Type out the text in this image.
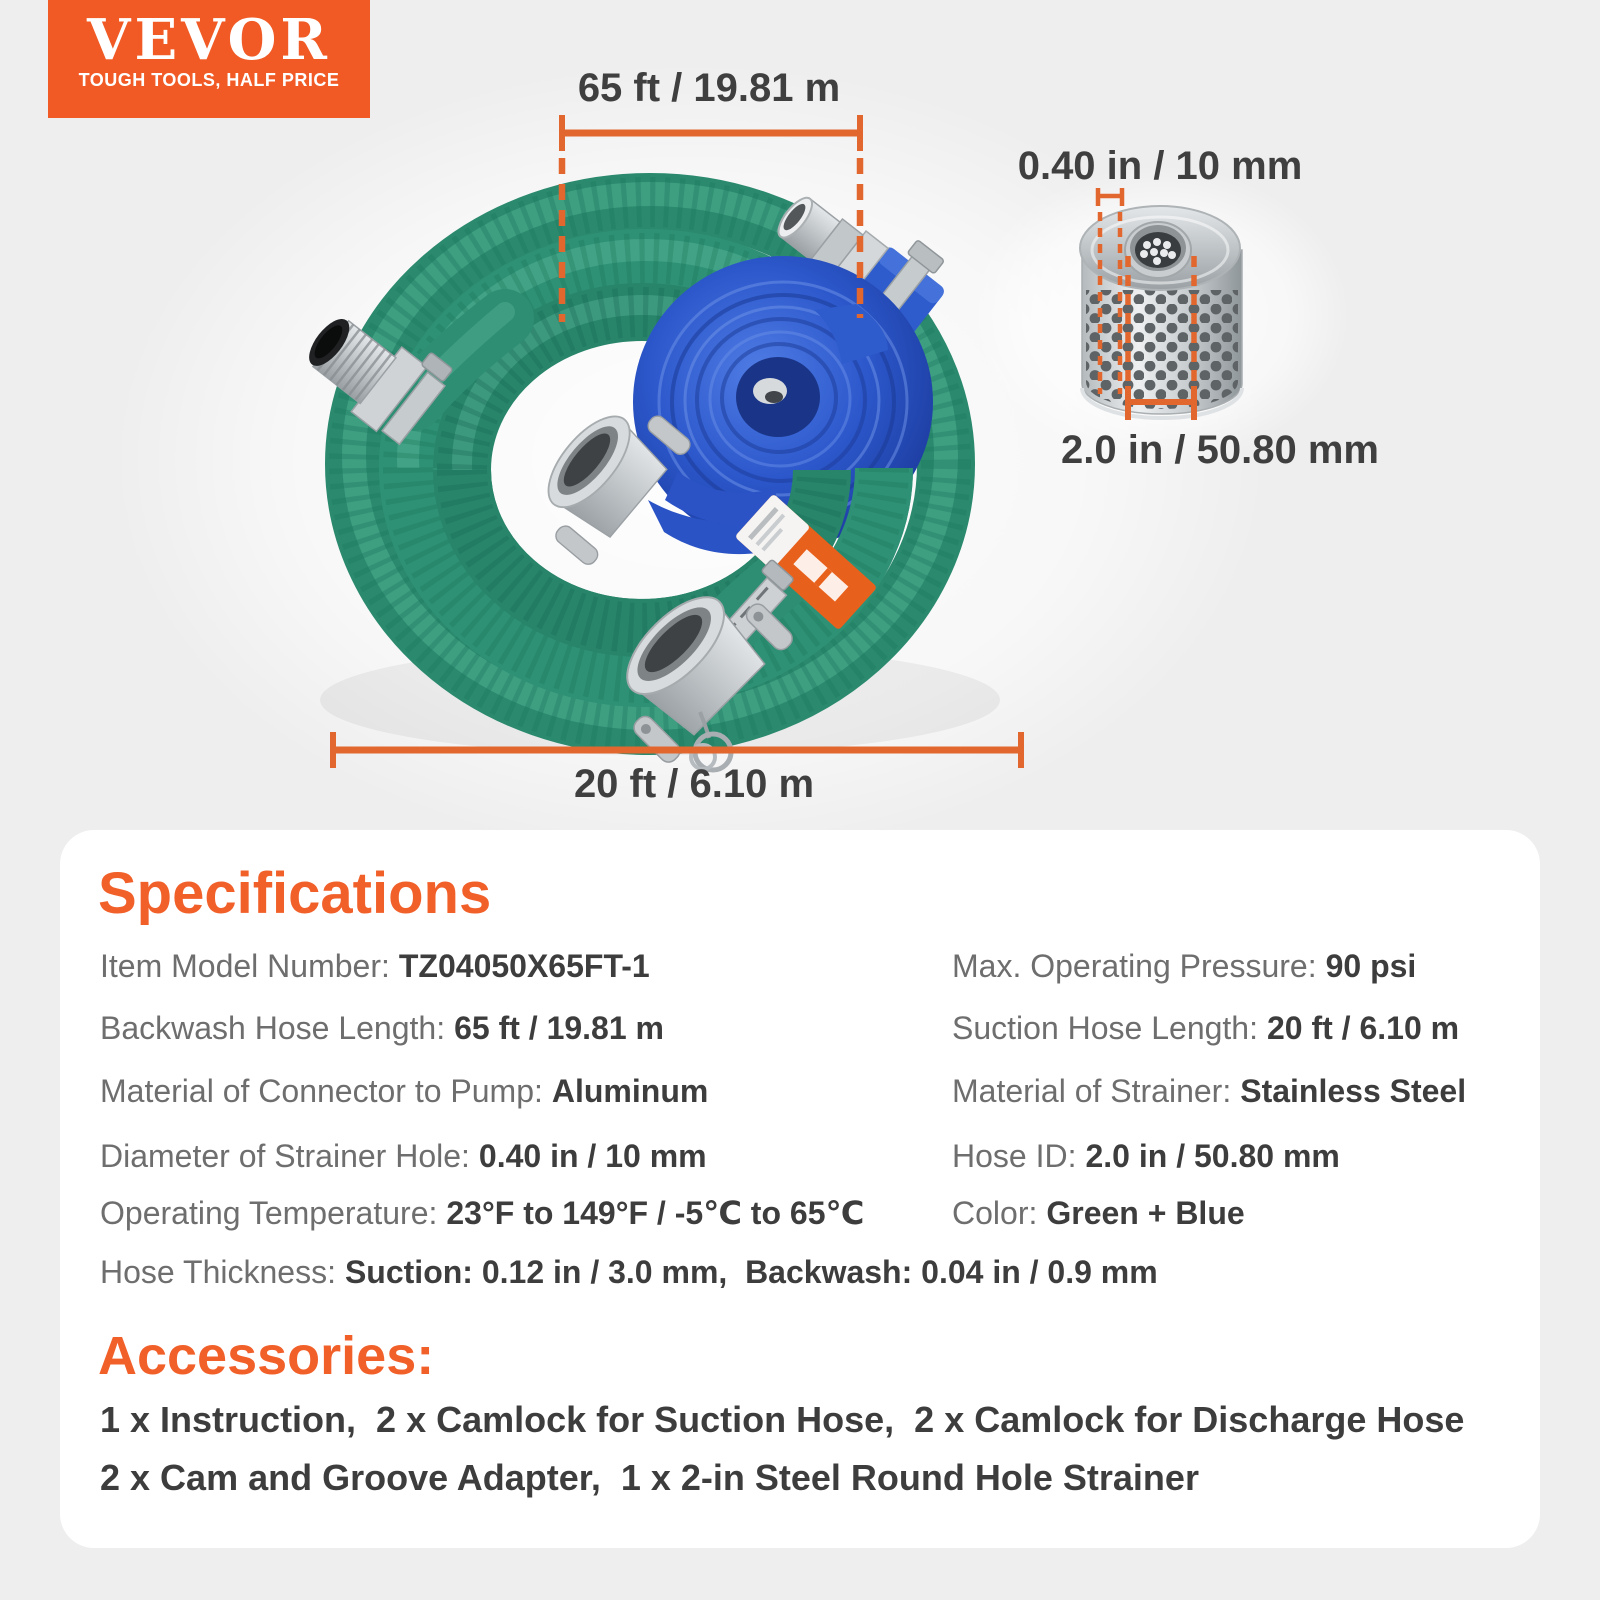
VEVOR
TOUGH TOOLS, HALF PRICE	65 ft / 19.81 m
0.40 in / 10 mm
2.0 in / 50.80 mm
20 ft / 6.10 m
Specifications
Item Model Number: TZ04050X65FT-1
Backwash Hose Length: 65 ft / 19.81 m
Material of Connector to Pump: Aluminum
Diameter of Strainer Hole: 0.40 in / 10 mm
Operating Temperature: 23°F to 149°F / -5℃ to 65℃
Hose Thickness: Suction: 0.12 in / 3.0 mm,  Backwash: 0.04 in / 0.9 mm
Max. Operating Pressure: 90 psi
Suction Hose Length: 20 ft / 6.10 m
Material of Strainer: Stainless Steel
Hose ID: 2.0 in / 50.80 mm
Color: Green + Blue
Accessories:
1 x Instruction,  2 x Camlock for Suction Hose,  2 x Camlock for Discharge Hose
2 x Cam and Groove Adapter,  1 x 2-in Steel Round Hole Strainer
